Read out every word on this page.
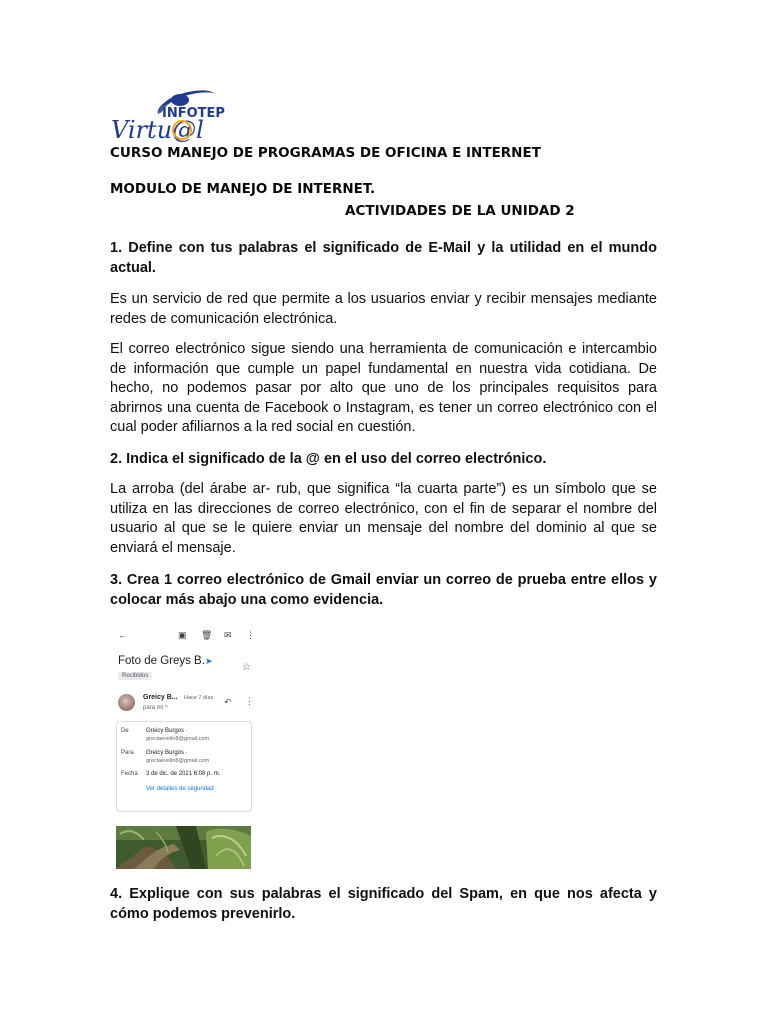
INFOTEP
Virtu@l
CURSO MANEJO DE PROGRAMAS DE OFICINA E INTERNET
MODULO DE MANEJO DE INTERNET.
ACTIVIDADES DE LA UNIDAD 2
1. Define con tus palabras el significado de E-Mail y la utilidad en el mundo actual.
Es un servicio de red que permite a los usuarios enviar y recibir mensajes mediante redes de comunicación electrónica.
El correo electrónico sigue siendo una herramienta de comunicación e intercambio de información que cumple un papel fundamental en nuestra vida cotidiana. De hecho, no podemos pasar por alto que uno de los principales requisitos para abrirnos una cuenta de Facebook o Instagram, es tener un correo electrónico con el cual poder afiliarnos a la red social en cuestión.
2. Indica el significado de la @ en el uso del correo electrónico.
La arroba (del árabe ar- rub, que significa “la cuarta parte”) es un símbolo que se utiliza en las direcciones de correo electrónico, con el fin de separar el nombre del usuario al que se le quiere enviar un mensaje del nombre del dominio al que se enviará el mensaje.
3. Crea 1 correo electrónico de Gmail enviar un correo de prueba entre ellos y colocar más abajo una como evidencia.
←	▣ 🗑 ✉ ⋮
Foto de Greys B. ➤
☆
Recibidos
Greicy B... Hace 7 días
para mí ^
↶ ⋮
De	Greicy Burgos ·
greciaevelin8@gmail.com
Para Greicy Burgos ·
greciaevelin8@gmail.com
Fecha 3 de dic. de 2021 6:08 p. m.
Ver detalles de seguridad
4. Explique con sus palabras el significado del Spam, en que nos afecta y cómo podemos prevenirlo.
